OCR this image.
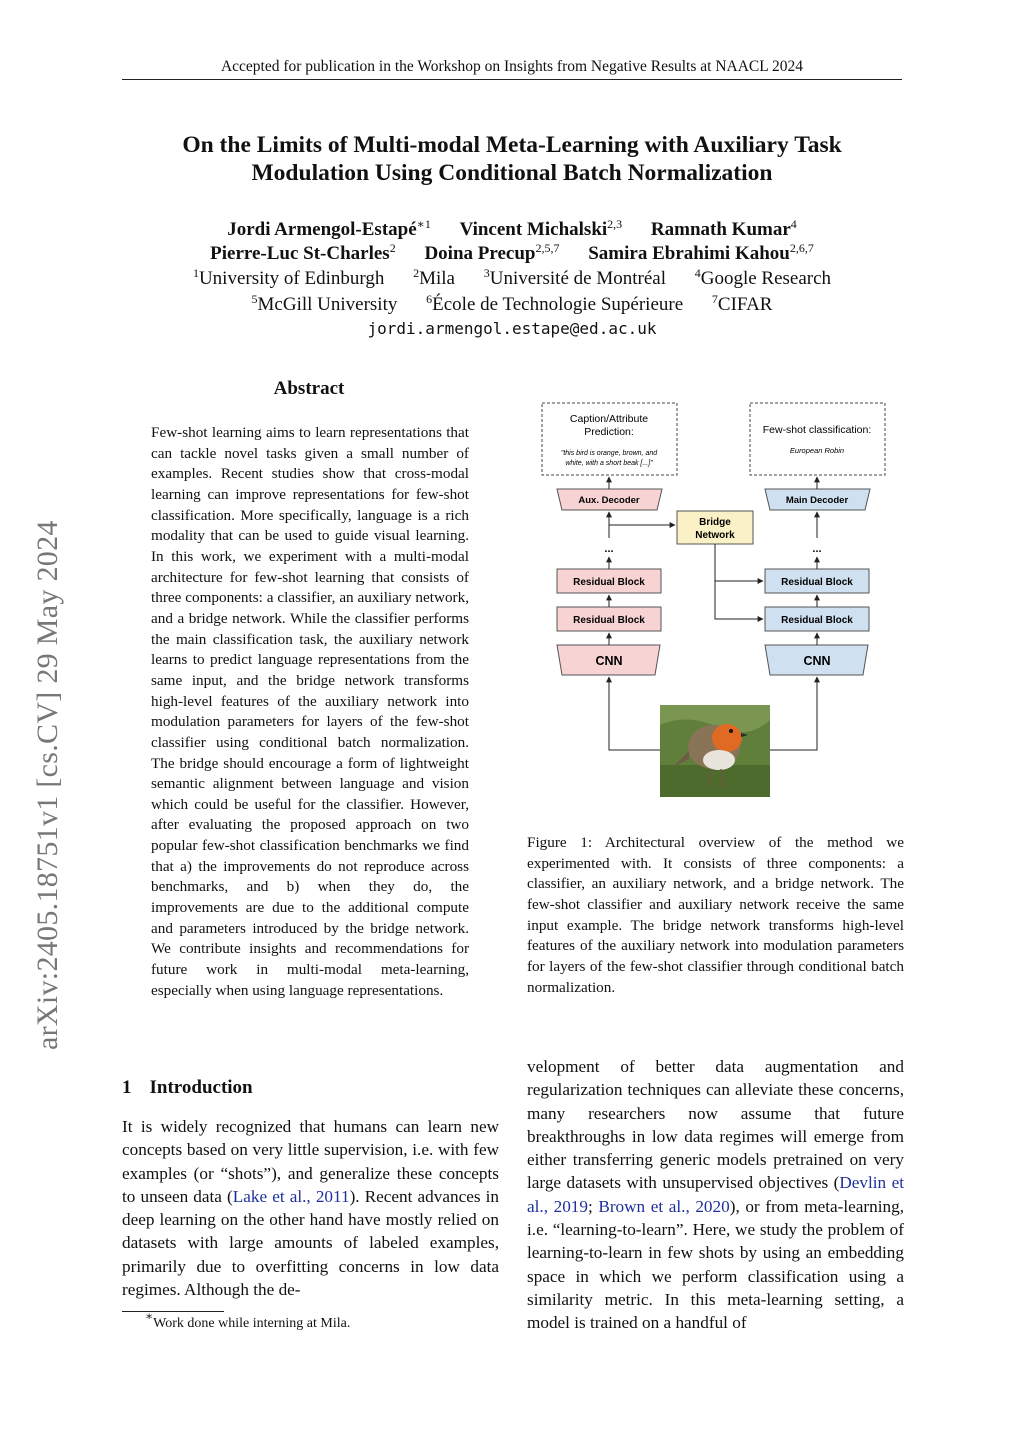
Accepted for publication in the Workshop on Insights from Negative Results at NAACL 2024
On the Limits of Multi-modal Meta-Learning with Auxiliary Task
Modulation Using Conditional Batch Normalization
Jordi Armengol-Estapé$^{∗1}$ Vincent Michalski$^{2,3}$ Ramnath Kumar$^4$
Pierre-Luc St-Charles$^2$ Doina Precup$^{2,5,7}$ Samira Ebrahimi Kahou$^{2,6,7}$
$^1$University of Edinburgh $^2$Mila $^3$Université de Montréal $^4$Google Research
$^5$McGill University $^6$École de Technologie Supérieure $^7$CIFAR
jordi.armengol.estape@ed.ac.uk
arXiv:2405.18751v1 [cs.CV] 29 May 2024
Abstract
Few-shot learning aims to learn representations that can tackle novel tasks given a small number of examples. Recent studies show that cross-modal learning can improve representations for few-shot classification. More specifically, language is a rich modality that can be used to guide visual learning. In this work, we experiment with a multi-modal architecture for few-shot learning that consists of three components: a classifier, an auxiliary network, and a bridge network. While the classifier performs the main classification task, the auxiliary network learns to predict language representations from the same input, and the bridge network transforms high-level features of the auxiliary network into modulation parameters for layers of the few-shot classifier using conditional batch normalization. The bridge should encourage a form of lightweight semantic alignment between language and vision which could be useful for the classifier. However, after evaluating the proposed approach on two popular few-shot classification benchmarks we find that a) the improvements do not reproduce across benchmarks, and b) when they do, the improvements are due to the additional compute and parameters introduced by the bridge network. We contribute insights and recommendations for future work in multi-modal meta-learning, especially when using language representations.
1 Introduction
It is widely recognized that humans can learn new concepts based on very little supervision, i.e. with few examples (or “shots”), and generalize these concepts to unseen data (Lake et al., 2011). Recent advances in deep learning on the other hand have mostly relied on datasets with large amounts of labeled examples, primarily due to overfitting concerns in low data regimes. Although the de-
velopment of better data augmentation and regularization techniques can alleviate these concerns, many researchers now assume that future breakthroughs in low data regimes will emerge from either transferring generic models pretrained on very large datasets with unsupervised objectives (Devlin et al., 2019; Brown et al., 2020), or from meta-learning, i.e. “learning-to-learn”. Here, we study the problem of learning-to-learn in few shots by using an embedding space in which we perform classification using a similarity metric. In this meta-learning setting, a model is trained on a handful of
∗Work done while interning at Mila.
Caption/Attribute
Prediction:
"this bird is orange, brown, and
white, with a short beak [...]"
Few-shot classification:
European Robin
Aux. Decoder	Main Decoder
Bridge
Network
...	...
Residual Block
Residual Block
Residual Block
Residual Block
CNN	CNN
Figure 1: Architectural overview of the method we experimented with. It consists of three components: a classifier, an auxiliary network, and a bridge network. The few-shot classifier and auxiliary network receive the same input example. The bridge network transforms high-level features of the auxiliary network into modulation parameters for layers of the few-shot classifier through conditional batch normalization.
